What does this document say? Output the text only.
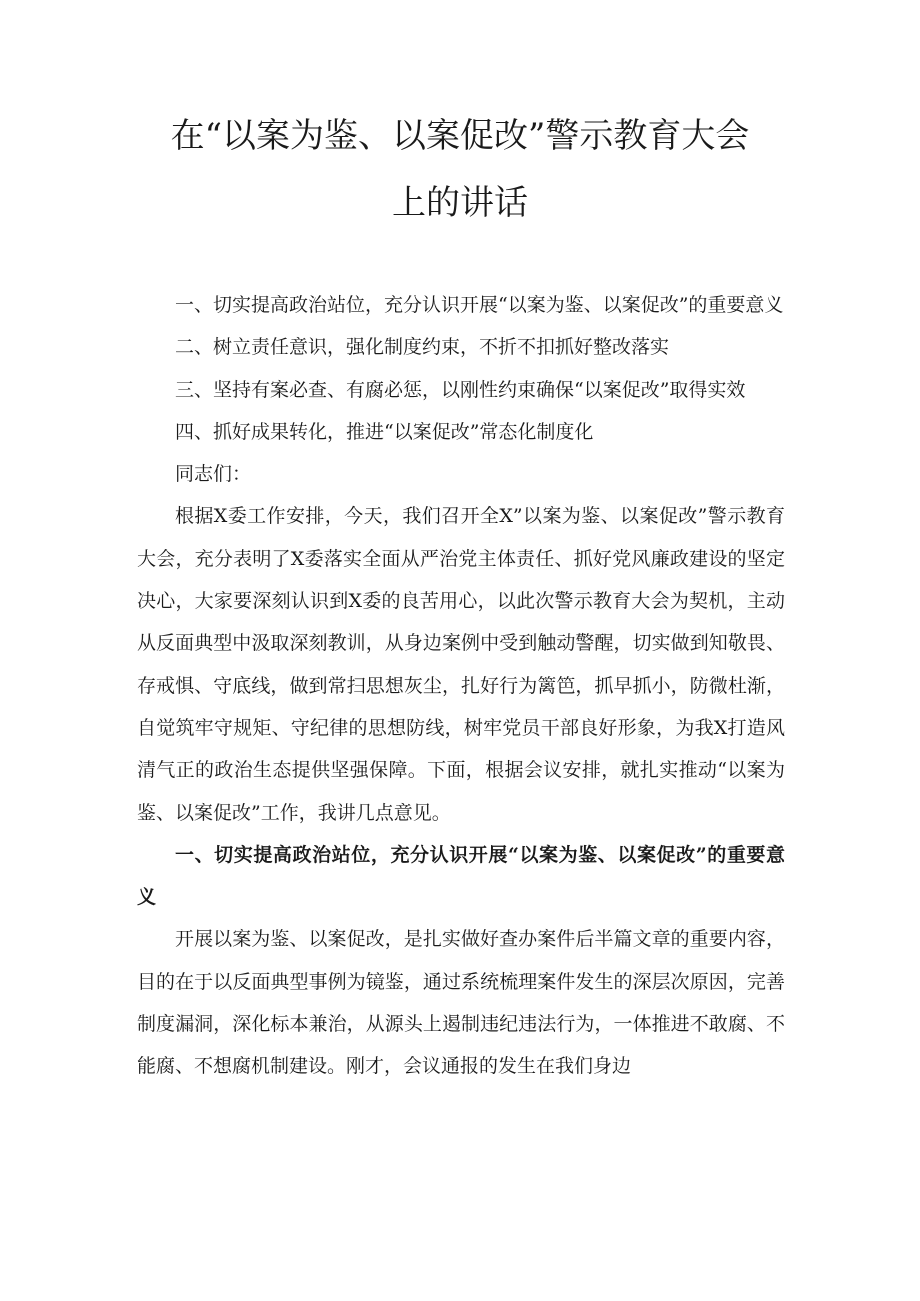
在“以案为鉴、以案促改”警示教育大会
上的讲话

一、切实提高政治站位，充分认识开展“以案为鉴、以案促改”的重要意义

二、树立责任意识，强化制度约束，不折不扣抓好整改落实

三、坚持有案必查、有腐必惩，以刚性约束确保“以案促改”取得实效

四、抓好成果转化，推进“以案促改”常态化制度化

同志们：

根据X委工作安排，今天，我们召开全X”以案为鉴、以案促改”警示教育大会，充分表明了X委落实全面从严治党主体责任、抓好党风廉政建设的坚定决心，大家要深刻认识到X委的良苦用心，以此次警示教育大会为契机，主动从反面典型中汲取深刻教训，从身边案例中受到触动警醒，切实做到知敬畏、存戒惧、守底线，做到常扫思想灰尘，扎好行为篱笆，抓早抓小，防微杜渐，自觉筑牢守规矩、守纪律的思想防线，树牢党员干部良好形象，为我X打造风清气正的政治生态提供坚强保障。下面，根据会议安排，就扎实推动“以案为鉴、以案促改”工作，我讲几点意见。

一、切实提高政治站位，充分认识开展“以案为鉴、以案促改”的重要意义

开展以案为鉴、以案促改，是扎实做好查办案件后半篇文章的重要内容，目的在于以反面典型事例为镜鉴，通过系统梳理案件发生的深层次原因，完善制度漏洞，深化标本兼治，从源头上遏制违纪违法行为，一体推进不敢腐、不能腐、不想腐机制建设。刚才，会议通报的发生在我们身边
